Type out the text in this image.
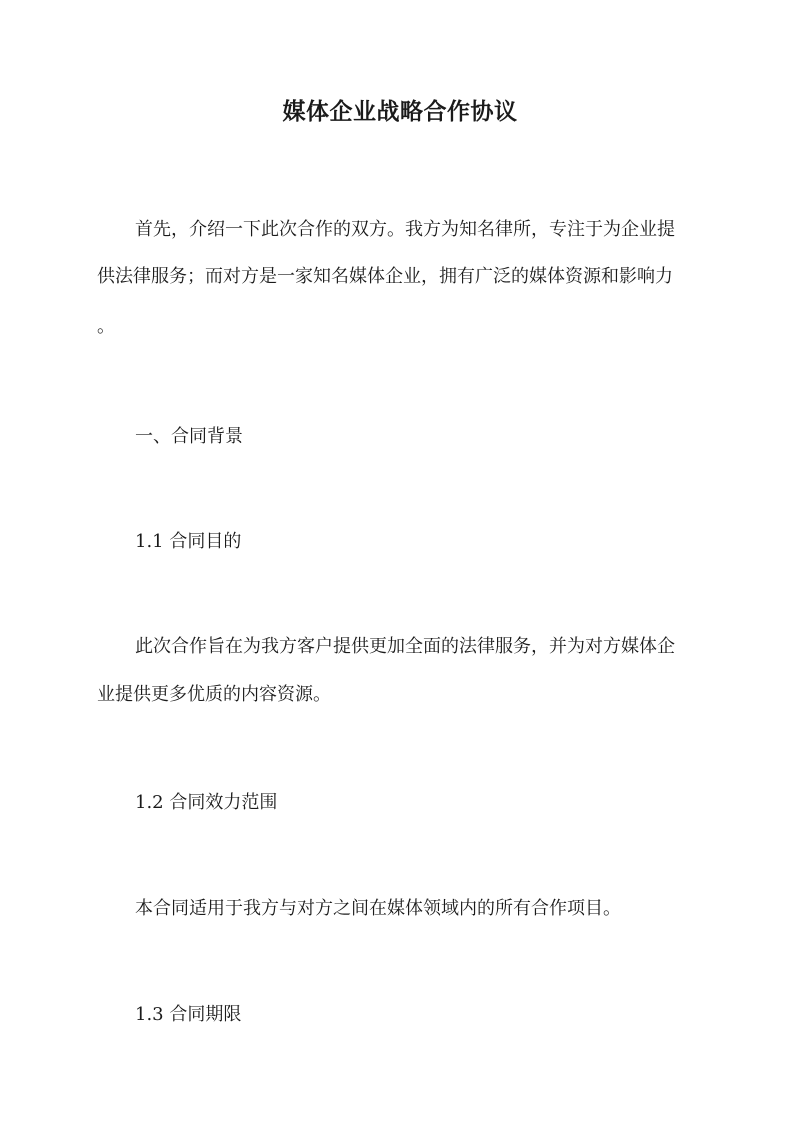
媒体企业战略合作协议
首先，介绍一下此次合作的双方。我方为知名律所，专注于为企业提
供法律服务；而对方是一家知名媒体企业，拥有广泛的媒体资源和影响力
。
一、合同背景
1.1 合同目的
此次合作旨在为我方客户提供更加全面的法律服务，并为对方媒体企
业提供更多优质的内容资源。
1.2 合同效力范围
本合同适用于我方与对方之间在媒体领域内的所有合作项目。
1.3 合同期限
